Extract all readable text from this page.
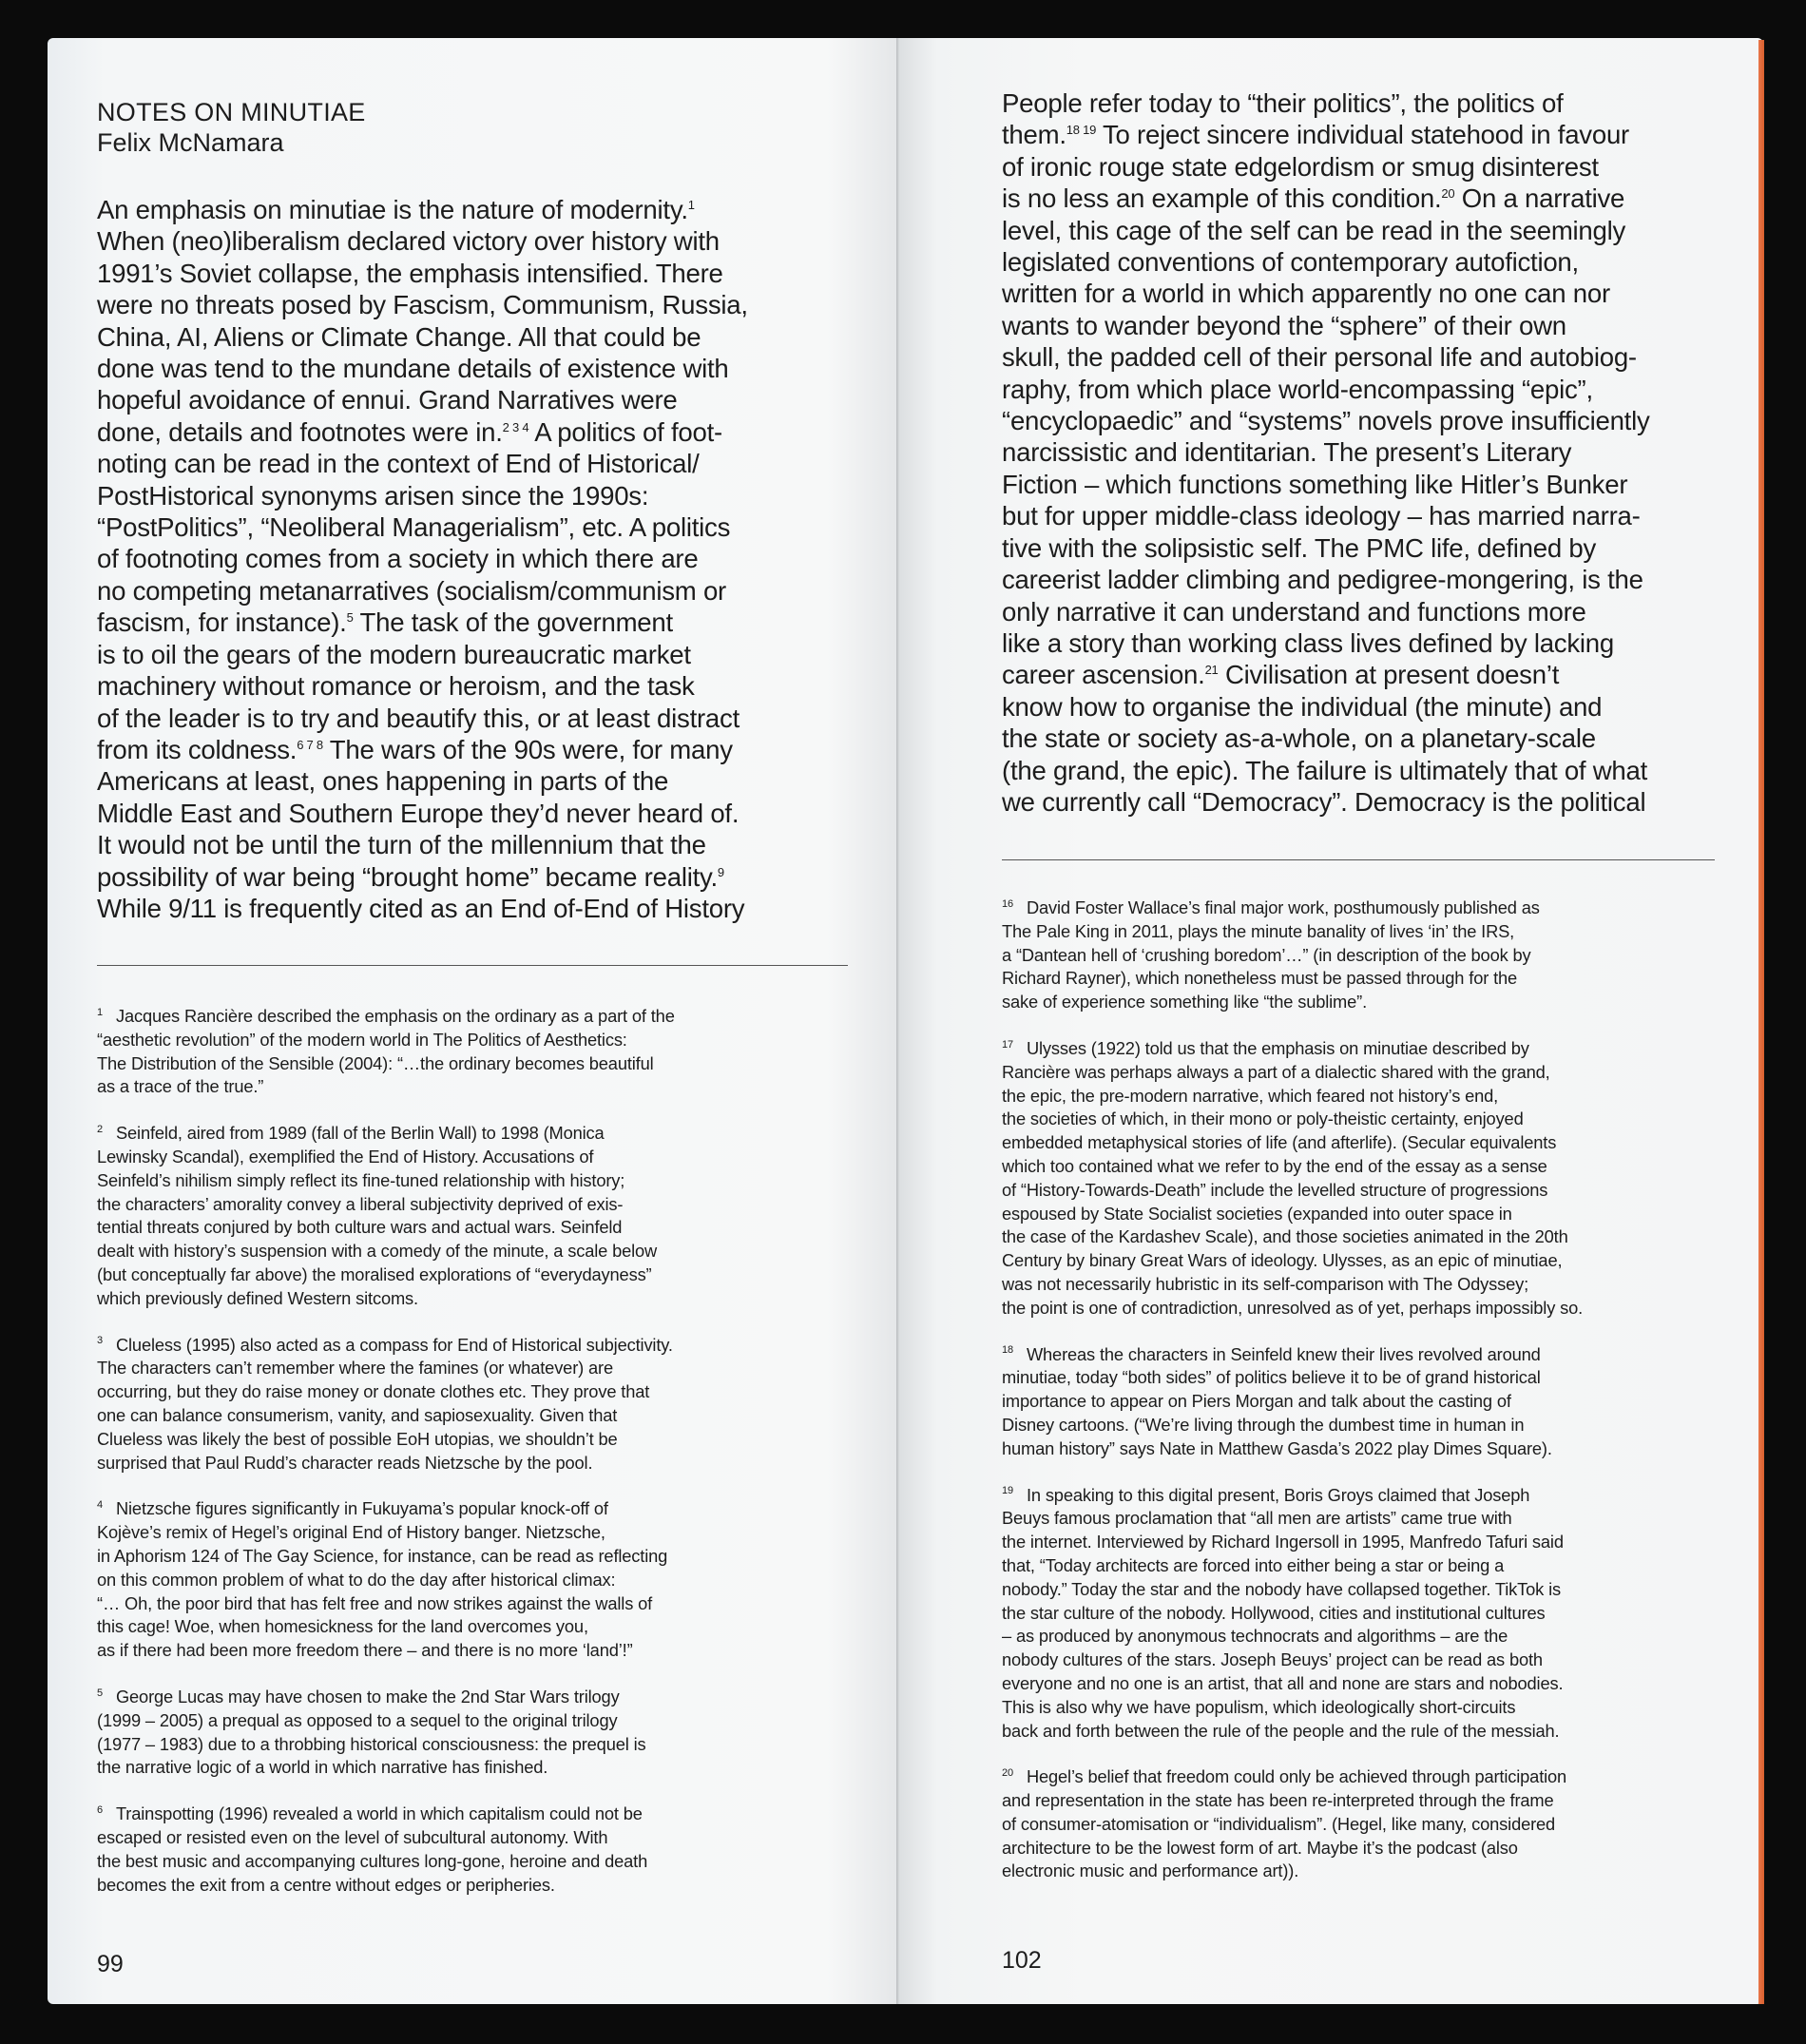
NOTES ON MINUTIAE
Felix McNamara
An emphasis on minutiae is the nature of modernity.$^1$
When (neo)liberalism declared victory over history with
1991’s Soviet collapse, the emphasis intensified. There
were no threats posed by Fascism, Communism, Russia,
China, AI, Aliens or Climate Change. All that could be
done was tend to the mundane details of existence with
hopeful avoidance of ennui. Grand Narratives were
done, details and footnotes were in.$^{2 3 4}$ A politics of foot-
noting can be read in the context of End of Historical/
PostHistorical synonyms arisen since the 1990s:
“PostPolitics”, “Neoliberal Managerialism”, etc. A politics
of footnoting comes from a society in which there are
no competing metanarratives (socialism/communism or
fascism, for instance).$^5$ The task of the government
is to oil the gears of the modern bureaucratic market
machinery without romance or heroism, and the task
of the leader is to try and beautify this, or at least distract
from its coldness.$^{6 7 8}$ The wars of the 90s were, for many
Americans at least, ones happening in parts of the
Middle East and Southern Europe they’d never heard of.
It would not be until the turn of the millennium that the
possibility of war being “brought home” became reality.$^9$
While 9/11 is frequently cited as an End of-End of History
$^1$ Jacques Rancière described the emphasis on the ordinary as a part of the
“aesthetic revolution” of the modern world in The Politics of Aesthetics:
The Distribution of the Sensible (2004): “…the ordinary becomes beautiful
as a trace of the true.”
$^2$ Seinfeld, aired from 1989 (fall of the Berlin Wall) to 1998 (Monica
Lewinsky Scandal), exemplified the End of History. Accusations of
Seinfeld’s nihilism simply reflect its fine-tuned relationship with history;
the characters’ amorality convey a liberal subjectivity deprived of exis-
tential threats conjured by both culture wars and actual wars. Seinfeld
dealt with history’s suspension with a comedy of the minute, a scale below
(but conceptually far above) the moralised explorations of “everydayness”
which previously defined Western sitcoms.
$^3$ Clueless (1995) also acted as a compass for End of Historical subjectivity.
The characters can’t remember where the famines (or whatever) are
occurring, but they do raise money or donate clothes etc. They prove that
one can balance consumerism, vanity, and sapiosexuality. Given that
Clueless was likely the best of possible EoH utopias, we shouldn’t be
surprised that Paul Rudd’s character reads Nietzsche by the pool.
$^4$ Nietzsche figures significantly in Fukuyama’s popular knock-off of
Kojève’s remix of Hegel’s original End of History banger. Nietzsche,
in Aphorism 124 of The Gay Science, for instance, can be read as reflecting
on this common problem of what to do the day after historical climax:
“… Oh, the poor bird that has felt free and now strikes against the walls of
this cage! Woe, when homesickness for the land overcomes you,
as if there had been more freedom there – and there is no more ‘land’!”
$^5$ George Lucas may have chosen to make the 2nd Star Wars trilogy
(1999 – 2005) a prequal as opposed to a sequel to the original trilogy
(1977 – 1983) due to a throbbing historical consciousness: the prequel is
the narrative logic of a world in which narrative has finished.
$^6$ Trainspotting (1996) revealed a world in which capitalism could not be
escaped or resisted even on the level of subcultural autonomy. With
the best music and accompanying cultures long-gone, heroine and death
becomes the exit from a centre without edges or peripheries.
99
People refer today to “their politics”, the politics of
them.$^{18 19}$ To reject sincere individual statehood in favour
of ironic rouge state edgelordism or smug disinterest
is no less an example of this condition.$^{20}$ On a narrative
level, this cage of the self can be read in the seemingly
legislated conventions of contemporary autofiction,
written for a world in which apparently no one can nor
wants to wander beyond the “sphere” of their own
skull, the padded cell of their personal life and autobiog-
raphy, from which place world-encompassing “epic”,
“encyclopaedic” and “systems” novels prove insufficiently
narcissistic and identitarian. The present’s Literary
Fiction – which functions something like Hitler’s Bunker
but for upper middle-class ideology – has married narra-
tive with the solipsistic self. The PMC life, defined by
careerist ladder climbing and pedigree-mongering, is the
only narrative it can understand and functions more
like a story than working class lives defined by lacking
career ascension.$^{21}$ Civilisation at present doesn’t
know how to organise the individual (the minute) and
the state or society as-a-whole, on a planetary-scale
(the grand, the epic). The failure is ultimately that of what
we currently call “Democracy”. Democracy is the political
$^{16}$ David Foster Wallace’s final major work, posthumously published as
The Pale King in 2011, plays the minute banality of lives ‘in’ the IRS,
a “Dantean hell of ‘crushing boredom’…” (in description of the book by
Richard Rayner), which nonetheless must be passed through for the
sake of experience something like “the sublime”.
$^{17}$ Ulysses (1922) told us that the emphasis on minutiae described by
Rancière was perhaps always a part of a dialectic shared with the grand,
the epic, the pre-modern narrative, which feared not history’s end,
the societies of which, in their mono or poly-theistic certainty, enjoyed
embedded metaphysical stories of life (and afterlife). (Secular equivalents
which too contained what we refer to by the end of the essay as a sense
of “History-Towards-Death” include the levelled structure of progressions
espoused by State Socialist societies (expanded into outer space in
the case of the Kardashev Scale), and those societies animated in the 20th
Century by binary Great Wars of ideology. Ulysses, as an epic of minutiae,
was not necessarily hubristic in its self-comparison with The Odyssey;
the point is one of contradiction, unresolved as of yet, perhaps impossibly so.
$^{18}$ Whereas the characters in Seinfeld knew their lives revolved around
minutiae, today “both sides” of politics believe it to be of grand historical
importance to appear on Piers Morgan and talk about the casting of
Disney cartoons. (“We’re living through the dumbest time in human in
human history” says Nate in Matthew Gasda’s 2022 play Dimes Square).
$^{19}$ In speaking to this digital present, Boris Groys claimed that Joseph
Beuys famous proclamation that “all men are artists” came true with
the internet. Interviewed by Richard Ingersoll in 1995, Manfredo Tafuri said
that, “Today architects are forced into either being a star or being a
nobody.” Today the star and the nobody have collapsed together. TikTok is
the star culture of the nobody. Hollywood, cities and institutional cultures
– as produced by anonymous technocrats and algorithms – are the
nobody cultures of the stars. Joseph Beuys’ project can be read as both
everyone and no one is an artist, that all and none are stars and nobodies.
This is also why we have populism, which ideologically short-circuits
back and forth between the rule of the people and the rule of the messiah.
$^{20}$ Hegel’s belief that freedom could only be achieved through participation
and representation in the state has been re-interpreted through the frame
of consumer-atomisation or “individualism”. (Hegel, like many, considered
architecture to be the lowest form of art. Maybe it’s the podcast (also
electronic music and performance art)).
102
